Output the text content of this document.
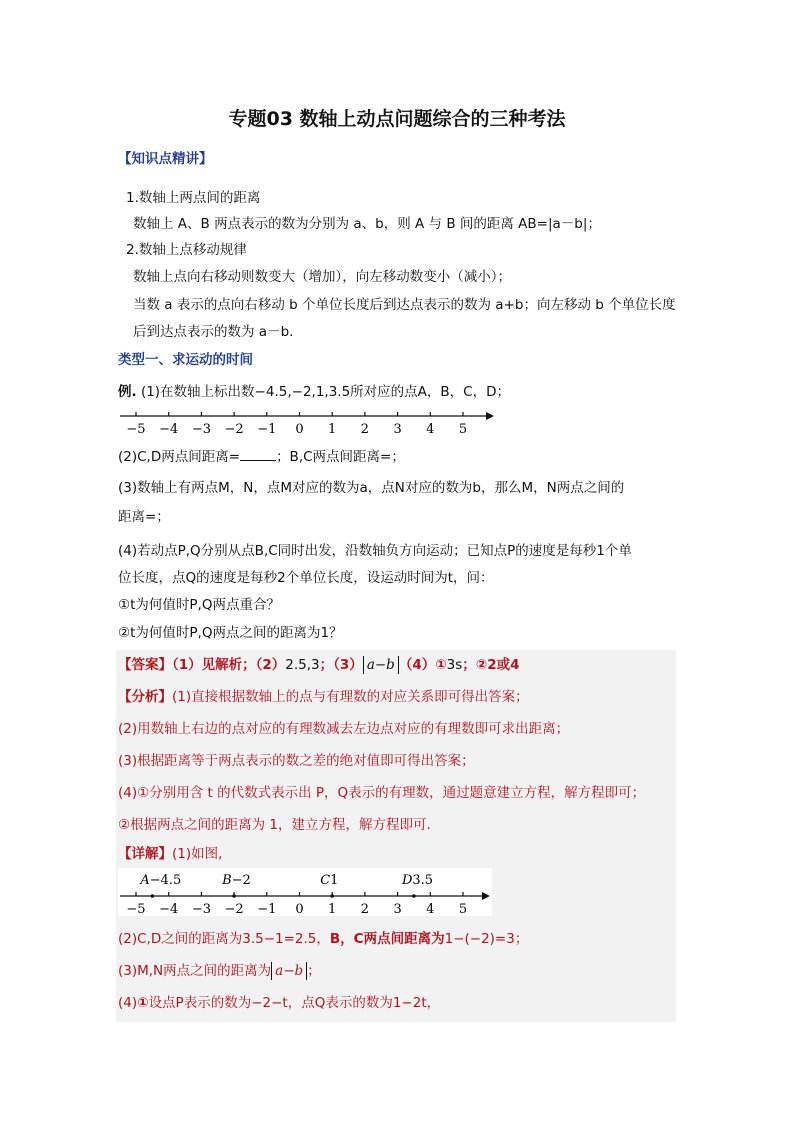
专题03 数轴上动点问题综合的三种考法
【知识点精讲】
1.数轴上两点间的距离
数轴上 A、B 两点表示的数为分别为 a、b，则 A 与 B 间的距离 AB=|a－b|；
2.数轴上点移动规律
数轴上点向右移动则数变大（增加），向左移动数变小（减小）；
当数 a 表示的点向右移动 b 个单位长度后到达点表示的数为 a+b；向左移动 b 个单位长度
后到达点表示的数为 a－b.
类型一、求运动的时间
例. (1)在数轴上标出数−4.5,−2,1,3.5所对应的点A，B，C，D；
−5 −4 −3 −2 −1 0 1 2 3 4 5
(2)C,D两点间距离=	；B,C两点间距离=；
(3)数轴上有两点M，N，点M对应的数为a，点N对应的数为b，那么M，N两点之间的
距离=；
(4)若动点P,Q分别从点B,C同时出发，沿数轴负方向运动；已知点P的速度是每秒1个单
位长度，点Q的速度是每秒2个单位长度，设运动时间为t，问：
①t为何值时P,Q两点重合？
②t为何值时P,Q两点之间的距离为1？
【答案】（1）见解析；（2）2.5,3；（3） a−b （4）①3s；②2或4
【分析】(1)直接根据数轴上的点与有理数的对应关系即可得出答案；
(2)用数轴上右边的点对应的有理数减去左边点对应的有理数即可求出距离；
(3)根据距离等于两点表示的数之差的绝对值即可得出答案；
(4)①分别用含 t 的代数式表示出 P，Q表示的有理数，通过题意建立方程，解方程即可；
②根据两点之间的距离为 1，建立方程，解方程即可.
【详解】(1)如图,
A−4.5	B−2	C1	D3.5
−5 −4 −3 −2 −1 0 1 2 3 4 5
(2)C,D之间的距离为3.5−1=2.5，B，C两点间距离为1−(−2)=3；
(3)M,N两点之间的距离为 a−b ；
(4)①设点P表示的数为−2−t，点Q表示的数为1−2t，
